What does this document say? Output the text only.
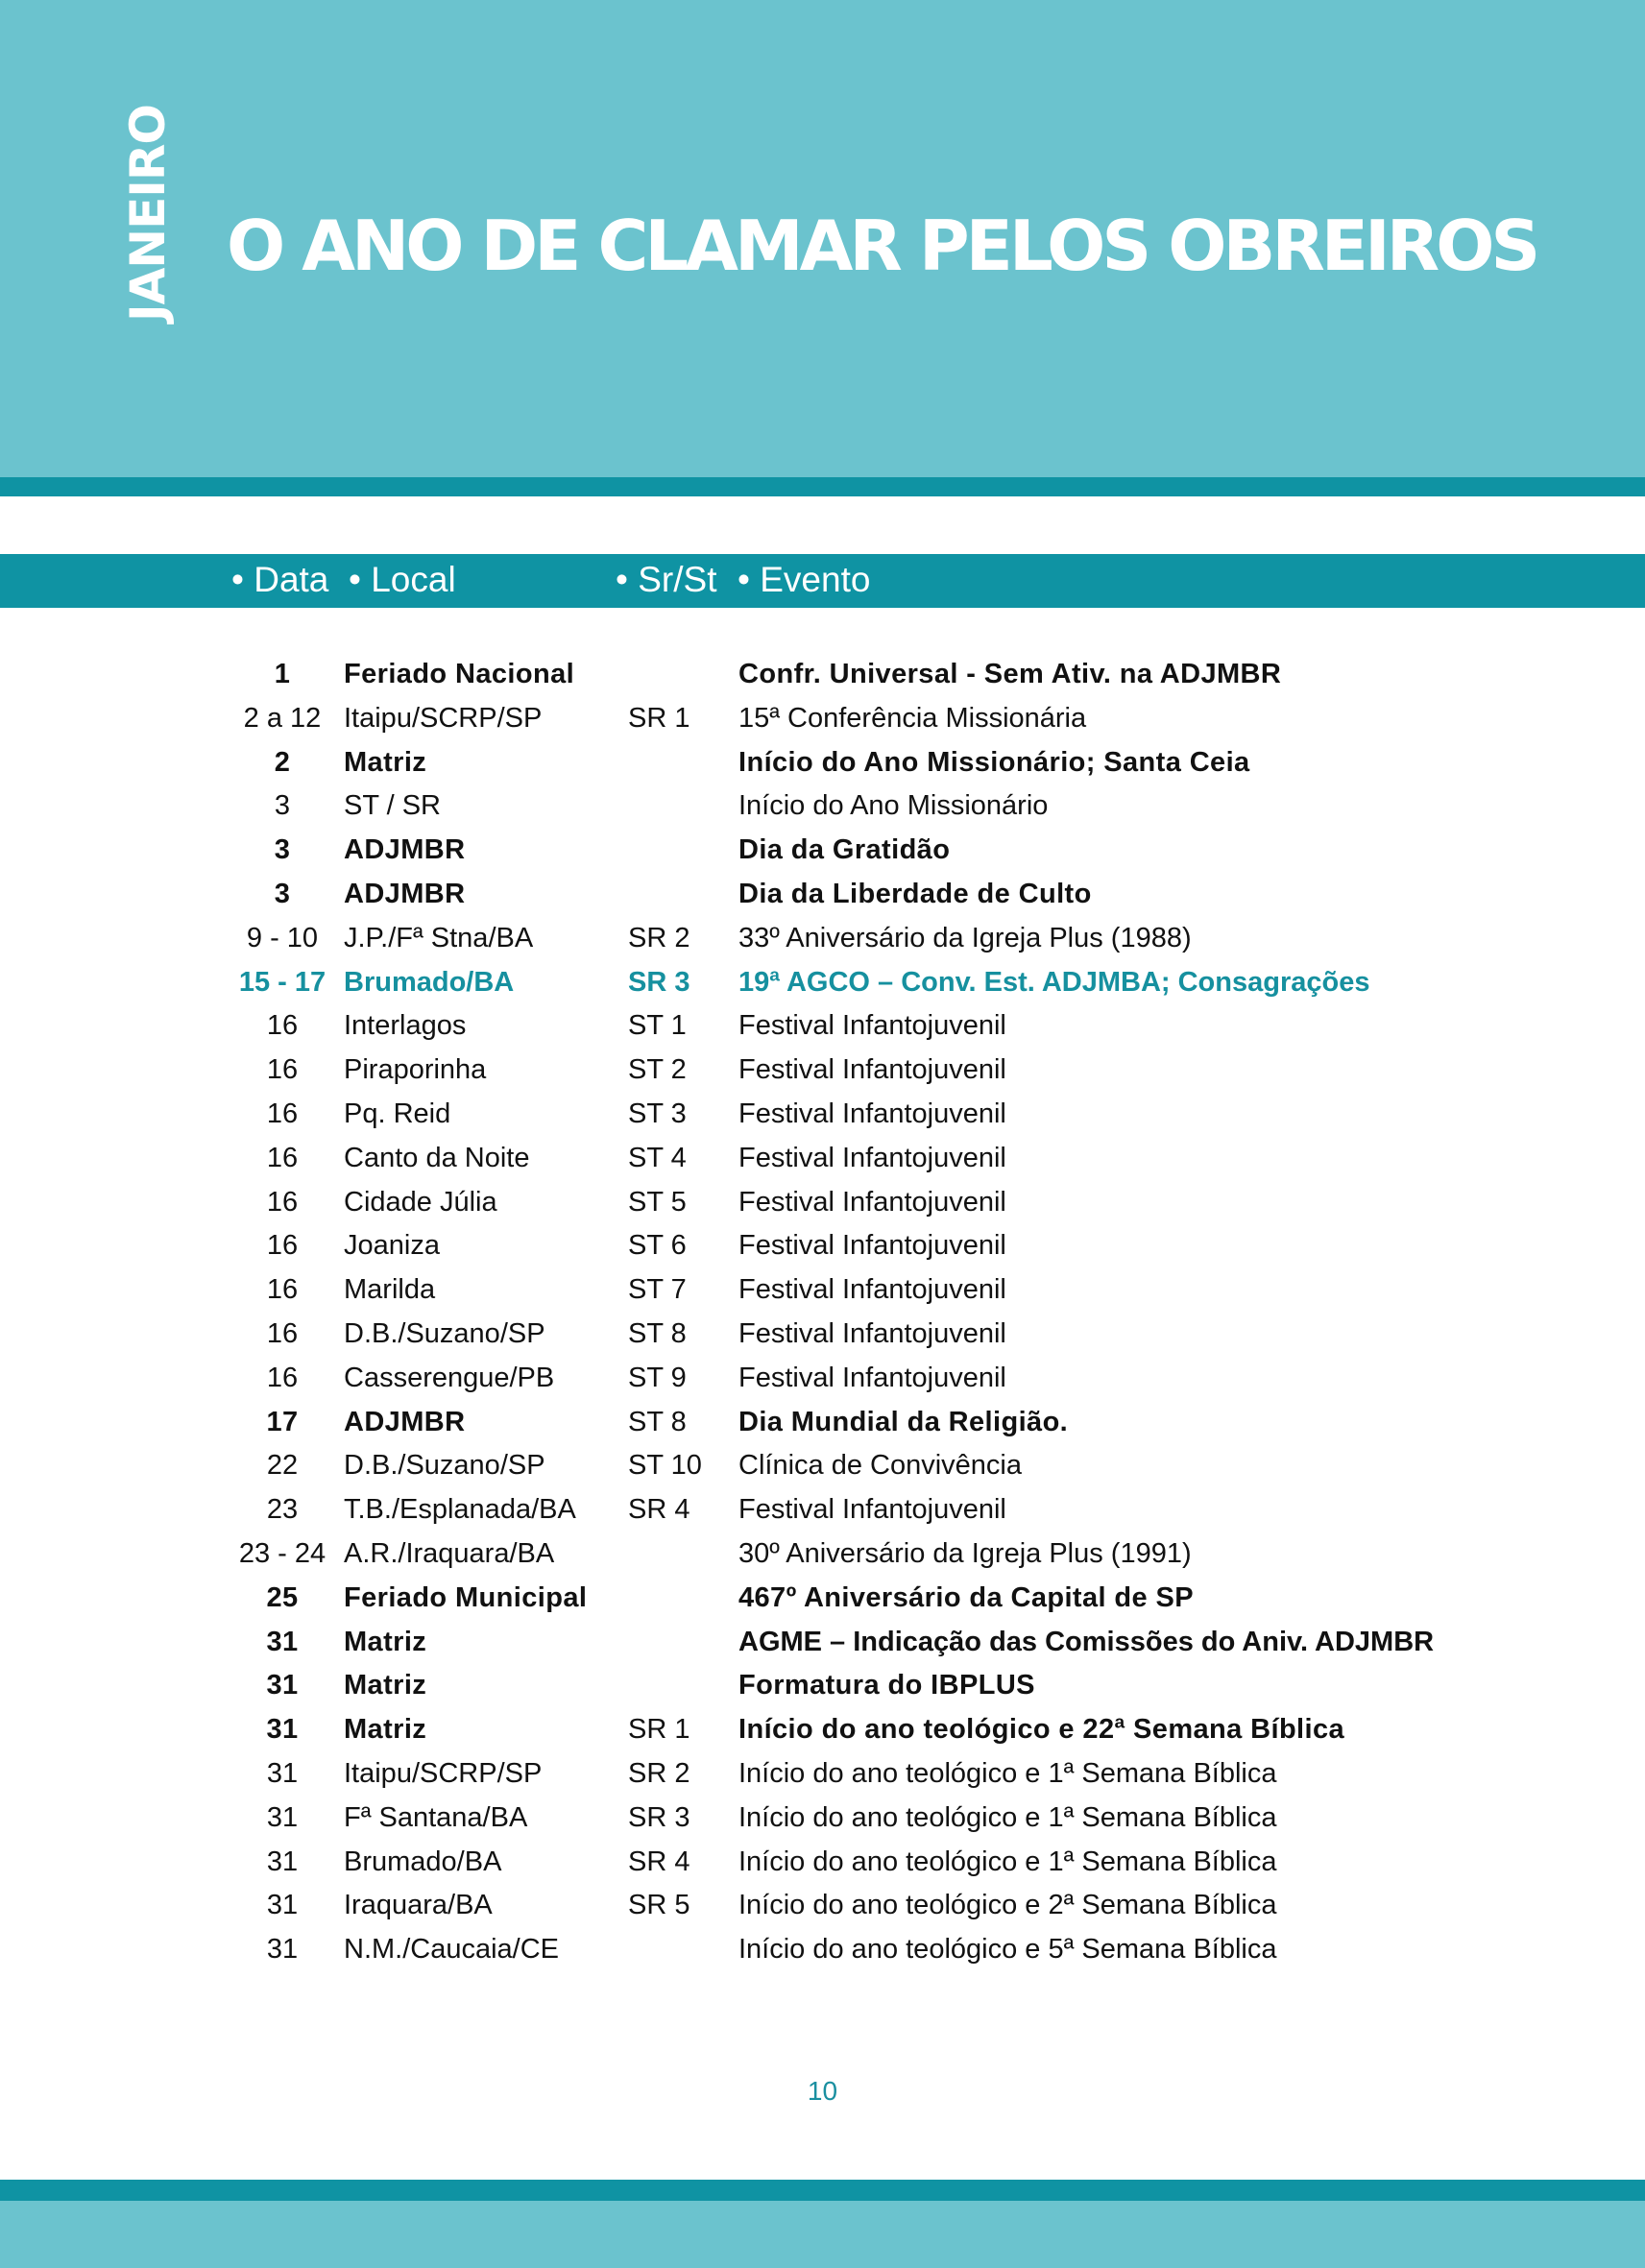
JANEIRO O ANO DE CLAMAR PELOS OBREIROS
• Data • Local	• Sr/St • Evento
1	Feriado Nacional	Confr. Universal - Sem Ativ. na ADJMBR
2 a 12 Itaipu/SCRP/SP	SR 1 15ª Conferência Missionária
2	Matriz	Início do Ano Missionário; Santa Ceia
3	ST / SR	Início do Ano Missionário
3	ADJMBR	Dia da Gratidão
3	ADJMBR	Dia da Liberdade de Culto
9 - 10 J.P./Fª Stna/BA	SR 2 33º Aniversário da Igreja Plus (1988)
15 - 17 Brumado/BA	SR 3 19ª AGCO – Conv. Est. ADJMBA; Consagrações
16	Interlagos	ST 1 Festival Infantojuvenil
16	Piraporinha	ST 2 Festival Infantojuvenil
16	Pq. Reid	ST 3 Festival Infantojuvenil
16	Canto da Noite	ST 4 Festival Infantojuvenil
16	Cidade Júlia	ST 5 Festival Infantojuvenil
16	Joaniza	ST 6 Festival Infantojuvenil
16	Marilda	ST 7 Festival Infantojuvenil
16	D.B./Suzano/SP	ST 8 Festival Infantojuvenil
16	Casserengue/PB	ST 9 Festival Infantojuvenil
17	ADJMBR	ST 8 Dia Mundial da Religião.
22	D.B./Suzano/SP	ST 10 Clínica de Convivência
23	T.B./Esplanada/BA SR 4 Festival Infantojuvenil
23 - 24 A.R./Iraquara/BA	30º Aniversário da Igreja Plus (1991)
25	Feriado Municipal	467º Aniversário da Capital de SP
31	Matriz	AGME – Indicação das Comissões do Aniv. ADJMBR
31	Matriz	Formatura do IBPLUS
31	Matriz	SR 1 Início do ano teológico e 22ª Semana Bíblica
31	Itaipu/SCRP/SP	SR 2 Início do ano teológico e 1ª Semana Bíblica
31	Fª Santana/BA	SR 3 Início do ano teológico e 1ª Semana Bíblica
31	Brumado/BA	SR 4 Início do ano teológico e 1ª Semana Bíblica
31	Iraquara/BA	SR 5 Início do ano teológico e 2ª Semana Bíblica
31	N.M./Caucaia/CE	Início do ano teológico e 5ª Semana Bíblica
10
